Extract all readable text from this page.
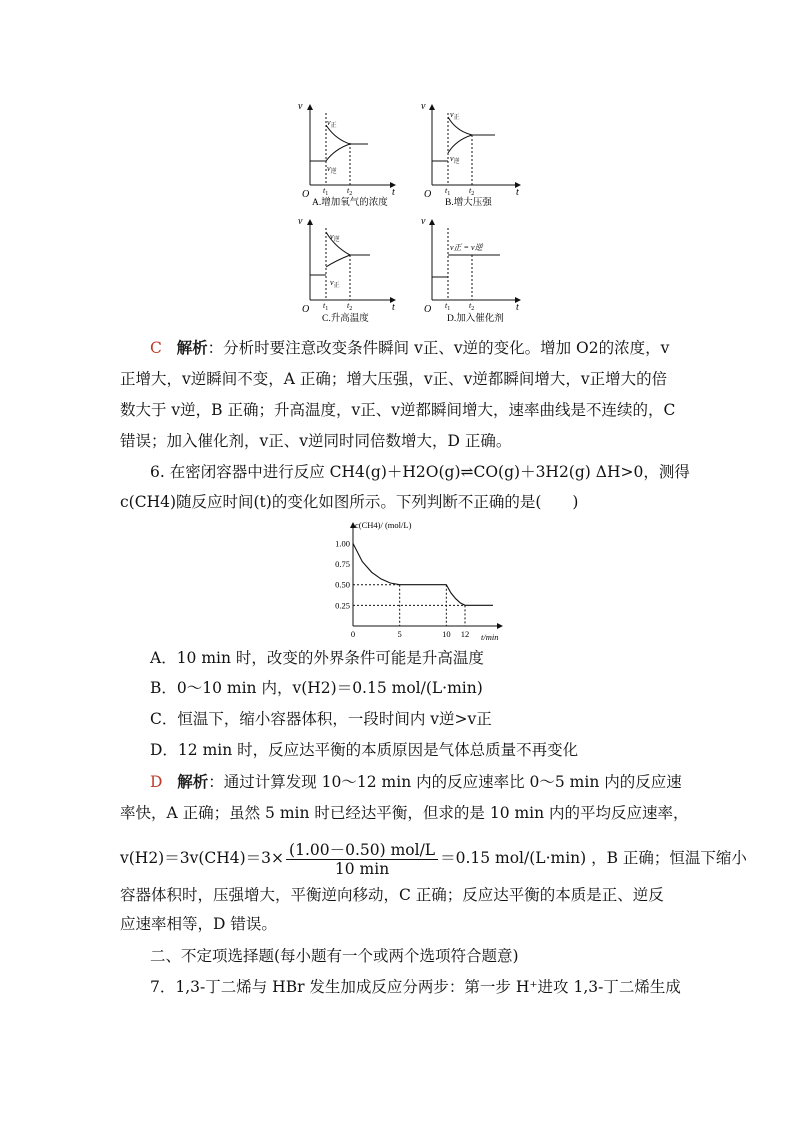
v
t
O
$v_正$
$v_逆$
$t_1$ $t_2$
A.增加氧气的浓度
v
t
O
$v_正$
$v_逆$
$t_1$ $t_2$
B.增大压强
v
t
O
$v_逆$
$v_正$
$t_1$ $t_2$
C.升高温度
v
t
O
v正 = v逆
$t_1$ $t_2$
D.加入催化剂
C 解析：分析时要注意改变条件瞬间 v正、v逆的变化。增加 O2的浓度，v
正增大，v逆瞬间不变，A 正确；增大压强，v正、v逆都瞬间增大，v正增大的倍
数大于 v逆，B 正确；升高温度，v正、v逆都瞬间增大，速率曲线是不连续的，C
错误；加入催化剂，v正、v逆同时同倍数增大，D 正确。
6. 在密闭容器中进行反应 CH4(g)＋H2O(g)⇌CO(g)＋3H2(g) ΔH>0，测得
c(CH4)随反应时间(t)的变化如图所示。下列判断不正确的是(　　)
c(CH4)/ (mol/L)
t/min
1.00
0.75
0.50
0.25
0	5	10 12
A．10 min 时，改变的外界条件可能是升高温度
B．0～10 min 内，v(H2)＝0.15 mol/(L·min)
C．恒温下，缩小容器体积，一段时间内 v逆>v正
D．12 min 时，反应达平衡的本质原因是气体总质量不再变化
D 解析：通过计算发现 10～12 min 内的反应速率比 0～5 min 内的反应速
率快，A 正确；虽然 5 min 时已经达平衡，但求的是 10 min 内的平均反应速率，
$v(H2)=3v(CH4)=3\times \frac{\text{(1.00－0.50) mol/L}}{10 \min} =0.15$ mol/(L·min) ，B 正确；恒温下缩小
容器体积时，压强增大，平衡逆向移动，C 正确；反应达平衡的本质是正、逆反
应速率相等，D 错误。
二、不定项选择题(每小题有一个或两个选项符合题意)
7．1,3-丁二烯与 HBr 发生加成反应分两步：第一步 H⁺进攻 1,3-丁二烯生成
